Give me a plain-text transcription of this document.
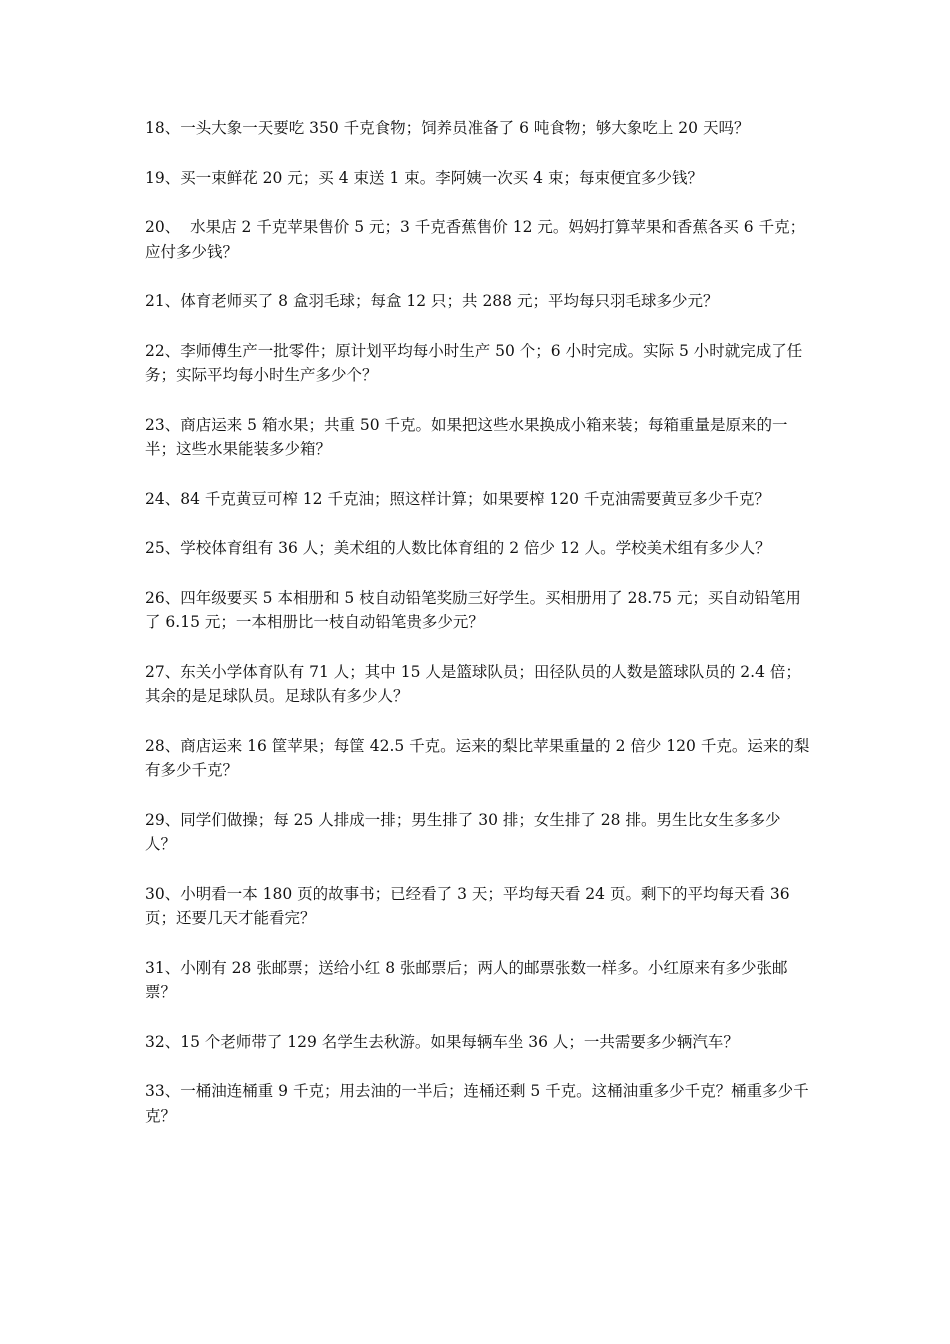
18、一头大象一天要吃 350 千克食物；饲养员准备了 6 吨食物；够大象吃上 20 天吗？
19、买一束鲜花 20 元；买 4 束送 1 束。李阿姨一次买 4 束；每束便宜多少钱？
20、  水果店 2 千克苹果售价 5 元；3 千克香蕉售价 12 元。妈妈打算苹果和香蕉各买 6 千克；应付多少钱？
21、体育老师买了 8 盒羽毛球；每盒 12 只；共 288 元；平均每只羽毛球多少元？
22、李师傅生产一批零件；原计划平均每小时生产 50 个；6 小时完成。实际 5 小时就完成了任务；实际平均每小时生产多少个？
23、商店运来 5 箱水果；共重 50 千克。如果把这些水果换成小箱来装；每箱重量是原来的一半；这些水果能装多少箱？
24、84 千克黄豆可榨 12 千克油；照这样计算；如果要榨 120 千克油需要黄豆多少千克？
25、学校体育组有 36 人；美术组的人数比体育组的 2 倍少 12 人。学校美术组有多少人？
26、四年级要买 5 本相册和 5 枝自动铅笔奖励三好学生。买相册用了 28.75 元；买自动铅笔用了 6.15 元；一本相册比一枝自动铅笔贵多少元？
27、东关小学体育队有 71 人；其中 15 人是篮球队员；田径队员的人数是篮球队员的 2.4 倍；其余的是足球队员。足球队有多少人？
28、商店运来 16 筐苹果；每筐 42.5 千克。运来的梨比苹果重量的 2 倍少 120 千克。运来的梨有多少千克？
29、同学们做操；每 25 人排成一排；男生排了 30 排；女生排了 28 排。男生比女生多多少人？
30、小明看一本 180 页的故事书；已经看了 3 天；平均每天看 24 页。剩下的平均每天看 36 页；还要几天才能看完？
31、小刚有 28 张邮票；送给小红 8 张邮票后；两人的邮票张数一样多。小红原来有多少张邮票？
32、15 个老师带了 129 名学生去秋游。如果每辆车坐 36 人；一共需要多少辆汽车？
33、一桶油连桶重 9 千克；用去油的一半后；连桶还剩 5 千克。这桶油重多少千克？桶重多少千克？
